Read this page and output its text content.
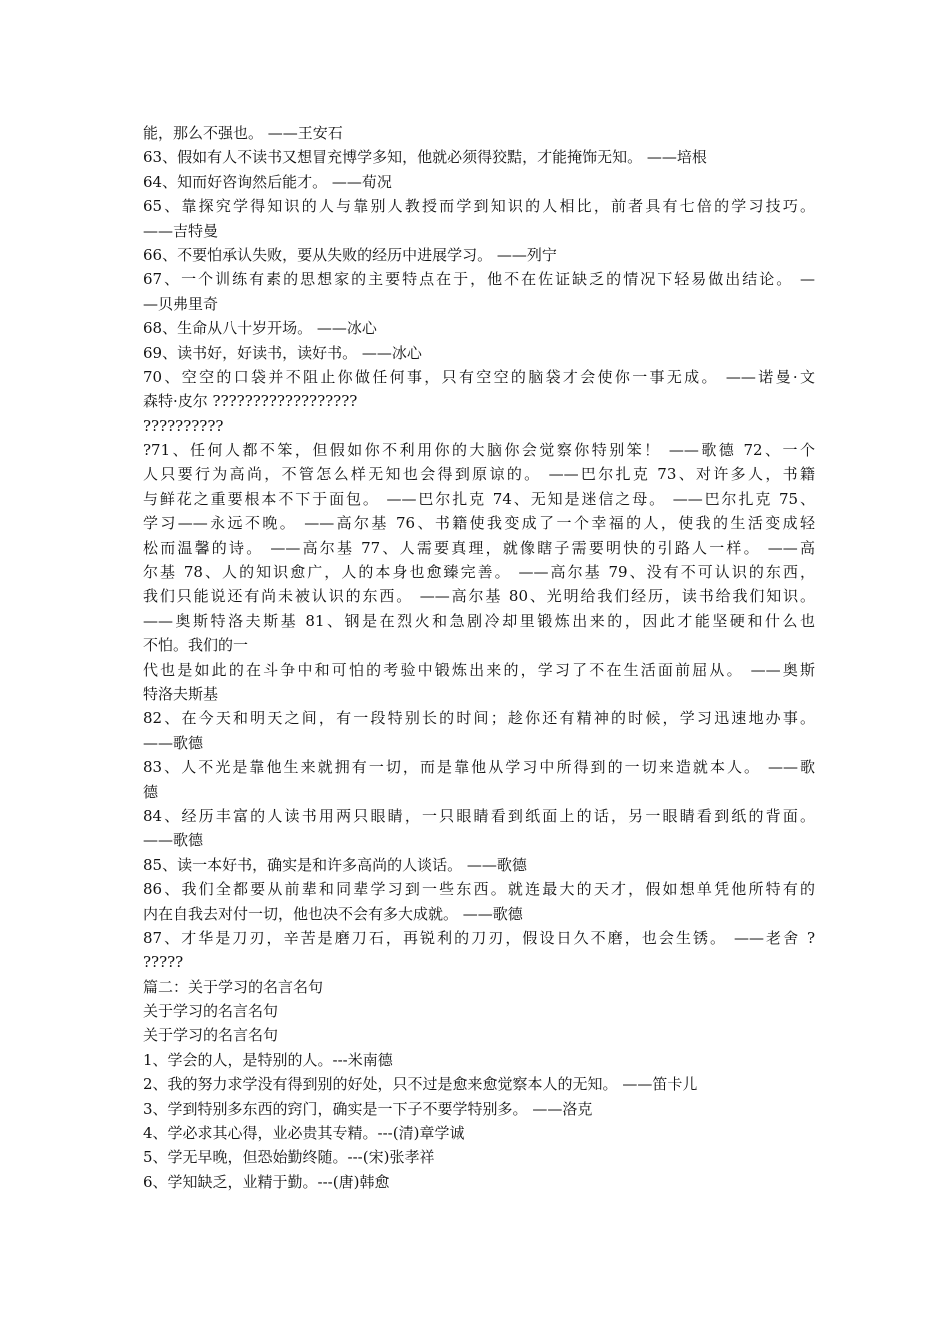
能，那么不强也。 ——王安石
63、假如有人不读书又想冒充博学多知，他就必须得狡黠，才能掩饰无知。 ——培根
64、知而好咨询然后能才。 ——荀况
65、靠探究学得知识的人与靠别人教授而学到知识的人相比，前者具有七倍的学习技巧。
——吉特曼
66、不要怕承认失败，要从失败的经历中进展学习。 ——列宁
67、一个训练有素的思想家的主要特点在于，他不在佐证缺乏的情况下轻易做出结论。 —
—贝弗里奇
68、生命从八十岁开场。 ——冰心
69、读书好，好读书，读好书。 ——冰心
70、空空的口袋并不阻止你做任何事，只有空空的脑袋才会使你一事无成。 ——诺曼·文
森特·皮尔 ??????????????????
??????????
?71、任何人都不笨，但假如你不利用你的大脑你会觉察你特别笨！ ——歌德 72、一个
人只要行为高尚，不管怎么样无知也会得到原谅的。 ——巴尔扎克 73、对许多人，书籍
与鲜花之重要根本不下于面包。 ——巴尔扎克 74、无知是迷信之母。 ——巴尔扎克 75、
学习——永远不晚。 ——高尔基 76、书籍使我变成了一个幸福的人，使我的生活变成轻
松而温馨的诗。 ——高尔基 77、人需要真理，就像瞎子需要明快的引路人一样。 ——高
尔基 78、人的知识愈广，人的本身也愈臻完善。 ——高尔基 79、没有不可认识的东西，
我们只能说还有尚未被认识的东西。 ——高尔基 80、光明给我们经历，读书给我们知识。
——奥斯特洛夫斯基 81、钢是在烈火和急剧冷却里锻炼出来的，因此才能坚硬和什么也
不怕。我们的一
代也是如此的在斗争中和可怕的考验中锻炼出来的，学习了不在生活面前屈从。 ——奥斯
特洛夫斯基
82、在今天和明天之间，有一段特别长的时间；趁你还有精神的时候，学习迅速地办事。
——歌德
83、人不光是靠他生来就拥有一切，而是靠他从学习中所得到的一切来造就本人。 ——歌
德
84、经历丰富的人读书用两只眼睛，一只眼睛看到纸面上的话，另一眼睛看到纸的背面。
——歌德
85、读一本好书，确实是和许多高尚的人谈话。 ——歌德
86、我们全都要从前辈和同辈学习到一些东西。就连最大的天才，假如想单凭他所特有的
内在自我去对付一切，他也决不会有多大成就。 ——歌德
87、才华是刀刃，辛苦是磨刀石，再锐利的刀刃，假设日久不磨，也会生锈。 ——老舍 ?
?????
篇二：关于学习的名言名句
关于学习的名言名句
关于学习的名言名句
1、学会的人，是特别的人。---米南德
2、我的努力求学没有得到别的好处，只不过是愈来愈觉察本人的无知。 ——笛卡儿
3、学到特别多东西的窍门，确实是一下子不要学特别多。 ——洛克
4、学必求其心得，业必贵其专精。---(清)章学诚
5、学无早晚，但恐始勤终随。---(宋)张孝祥
6、学知缺乏，业精于勤。---(唐)韩愈
